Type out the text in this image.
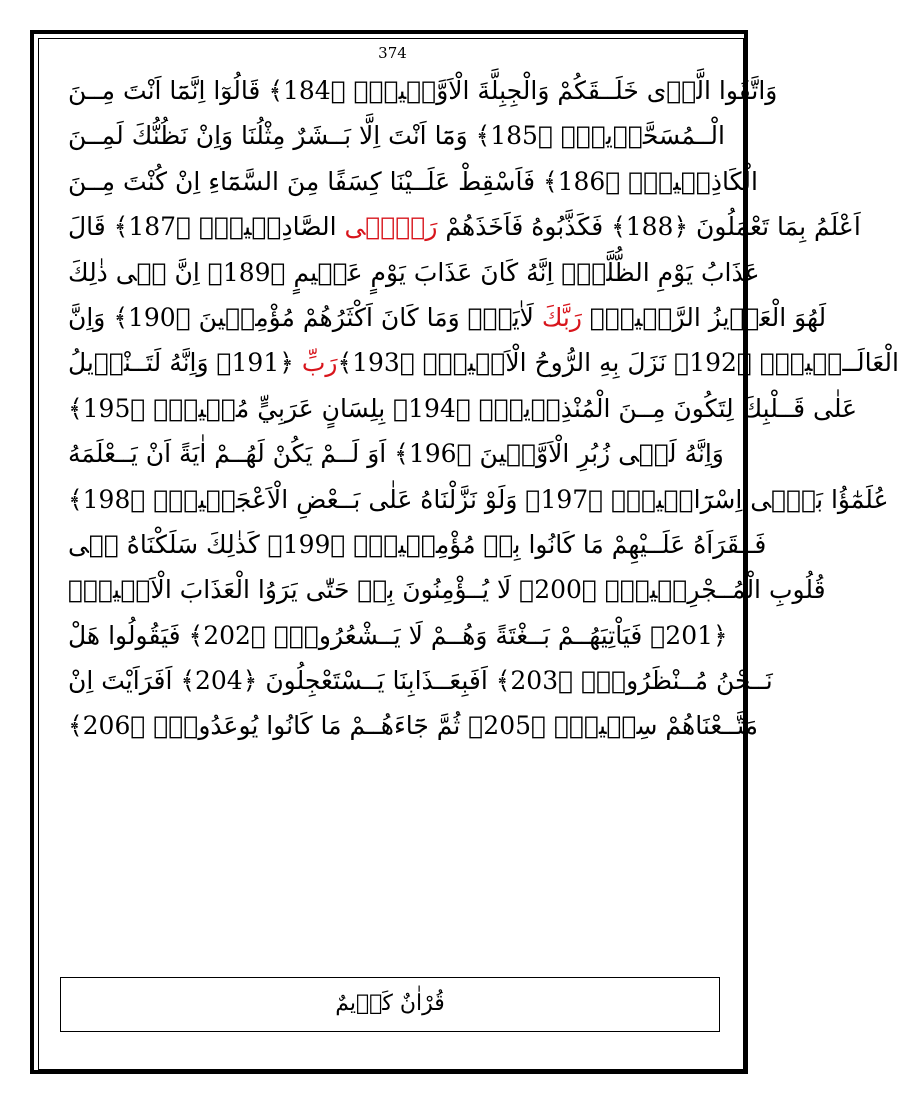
374
وَاتَّقُوا الَّذٖى خَلَــقَكُمْ وَالْجِبِلَّةَ الْاَوَّلٖينَۜ ﴿184﴾ قَالُوٓا اِنَّمَٓا اَنْتَ مِــنَ
الْــمُسَحَّرٖينَۙ ﴿185﴾ وَمَٓا اَنْتَ اِلَّا بَــشَرٌ مِثْلُنَا وَاِنْ نَظُنُّكَ لَمِــنَ
الْكَاذِبٖينَۚ ﴿186﴾ فَاَسْقِطْ عَلَــيْنَا كِسَفًا مِنَ السَّمَٓاءِ اِنْ كُنْتَ مِــنَ
الصَّادِقٖينَۜ ﴿187﴾ قَالَ رَبّٖٓى اَعْلَمُ بِمَا تَعْمَلُونَ ﴿188﴾ فَكَذَّبُوهُ فَاَخَذَهُمْ
عَذَابُ يَوْمِ الظُّلَّةِۜ اِنَّهُ كَانَ عَذَابَ يَوْمٍ عَظٖيمٍ ﴿189﴾ اِنَّ فٖى ذٰلِكَ
لَاٰيَةًۜ وَمَا كَانَ اَكْثَرُهُمْ مُؤْمِنٖينَ ﴿190﴾ وَاِنَّ رَبَّكَ لَهُوَ الْعَزٖيزُ الرَّحٖيمُ۟
﴿191﴾ وَاِنَّهُ لَتَــنْزٖيلُ رَبِّالْعَالَــمٖينَۜ ﴿192﴾ نَزَلَ بِهِ الرُّوحُ الْاَمٖينُۙ ﴿193﴾
عَلٰى قَــلْبِكَ لِتَكُونَ مِــنَ الْمُنْذِرٖينَۙ ﴿194﴾ بِلِسَانٍ عَرَبِيٍّ مُبٖينٍۜ ﴿195﴾
وَاِنَّهُ لَفٖى زُبُرِ الْاَوَّلٖينَ ﴿196﴾ اَوَ لَــمْ يَكُنْ لَهُــمْ اٰيَةً اَنْ يَــعْلَمَهُ
عُلَمٰٓؤُا بَنٖٓى اِسْرَٓائٖيلَۜ ﴿197﴾ وَلَوْ نَزَّلْنَاهُ عَلٰى بَــعْضِ الْاَعْجَمٖينَۙ ﴿198﴾
فَــقَرَاَهُ عَلَــيْهِمْ مَا كَانُوا بِهٖ مُؤْمِنٖينَۜ ﴿199﴾ كَذٰلِكَ سَلَكْنَاهُ فٖى
قُلُوبِ الْمُــجْرِمٖينَۜ ﴿200﴾ لَا يُــؤْمِنُونَ بِهٖ حَتّٰى يَرَوُا الْعَذَابَ الْاَلٖيمَۙ
﴿201﴾ فَيَاْتِيَهُــمْ بَــغْتَةً وَهُــمْ لَا يَــشْعُرُونَۙ ﴿202﴾ فَيَقُولُوا هَلْ
نَــحْنُ مُــنْظَرُونَۜ ﴿203﴾ اَفَبِعَــذَابِنَا يَــسْتَعْجِلُونَ ﴿204﴾ اَفَرَاَيْتَ اِنْ
مَتَّــعْنَاهُمْ سِنٖينَۙ ﴿205﴾ ثُمَّ جَٓاءَهُــمْ مَا كَانُوا يُوعَدُونَۙ ﴿206﴾
قُرْاٰنٌ كَرٖيمٌ
